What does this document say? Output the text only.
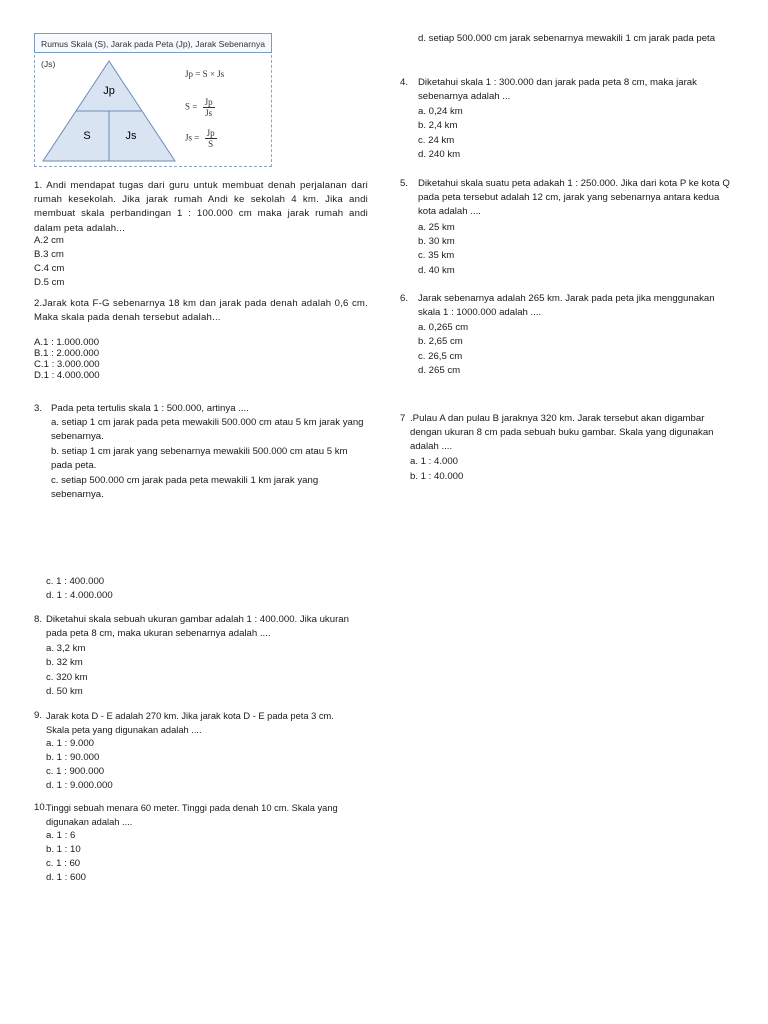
Rumus Skala (S), Jarak pada Peta (Jp), Jarak Sebenarnya (Js)
Jp
S	Js
Jp = S × Js
$S = \frac{Jp}{Js}$
$Js = \frac{Jp}{S}$
1. Andi mendapat tugas dari guru untuk membuat denah perjalanan dari rumah kesekolah. Jika jarak rumah Andi ke sekolah 4 km. Jika andi membuat skala perbandingan 1 : 100.000 cm maka jarak rumah andi dalam peta adalah...
A.2 cm
B.3 cm
C.4 cm
D.5 cm
2.Jarak kota F-G sebenarnya 18 km dan jarak pada denah adalah 0,6 cm. Maka skala pada denah tersebut adalah...
A.1 : 1.000.000
B.1 : 2.000.000
C.1 : 3.000.000
D.1 : 4.000.000
3. Pada peta tertulis skala 1 : 500.000, artinya ....
a. setiap 1 cm jarak pada peta mewakili 500.000 cm atau 5 km jarak yang sebenarnya.
b. setiap 1 cm jarak yang sebenarnya mewakili 500.000 cm atau 5 km pada peta.
c. setiap 500.000 cm jarak pada peta mewakili 1 km jarak yang sebenarnya.
d. setiap 500.000 cm jarak sebenarnya mewakili 1 cm jarak pada peta
4. Diketahui skala 1 : 300.000 dan jarak pada peta 8 cm, maka jarak sebenarnya adalah ...
a. 0,24 km
b. 2,4 km
c. 24 km
d. 240 km
5. Diketahui skala suatu peta adakah 1 : 250.000. Jika dari kota P ke kota Q pada peta tersebut adalah 12 cm, jarak yang sebenarnya antara kedua kota adalah ....
a. 25 km
b. 30 km
c. 35 km
d. 40 km
6. Jarak sebenarnya adalah 265 km. Jarak pada peta jika menggunakan skala 1 : 1000.000 adalah ....
a. 0,265 cm
b. 2,65 cm
c. 26,5 cm
d. 265 cm
7 .Pulau A dan pulau B jaraknya 320 km. Jarak tersebut akan digambar dengan ukuran 8 cm pada sebuah buku gambar. Skala yang digunakan adalah ....
a. 1 : 4.000
b. 1 : 40.000
c. 1 : 400.000
d. 1 : 4.000.000
8. Diketahui skala sebuah ukuran gambar adalah 1 : 400.000. Jika ukuran pada peta 8 cm, maka ukuran sebenarnya adalah ....
a. 3,2 km
b. 32 km
c. 320 km
d. 50 km
9. Jarak kota D - E adalah 270 km. Jika jarak kota D - E pada peta 3 cm. Skala peta yang digunakan adalah ....
a. 1 : 9.000
b. 1 : 90.000
c. 1 : 900.000
d. 1 : 9.000.000
10.
Tinggi sebuah menara 60 meter. Tinggi pada denah 10 cm. Skala yang digunakan adalah ....
a. 1 : 6
b. 1 : 10
c. 1 : 60
d. 1 : 600
